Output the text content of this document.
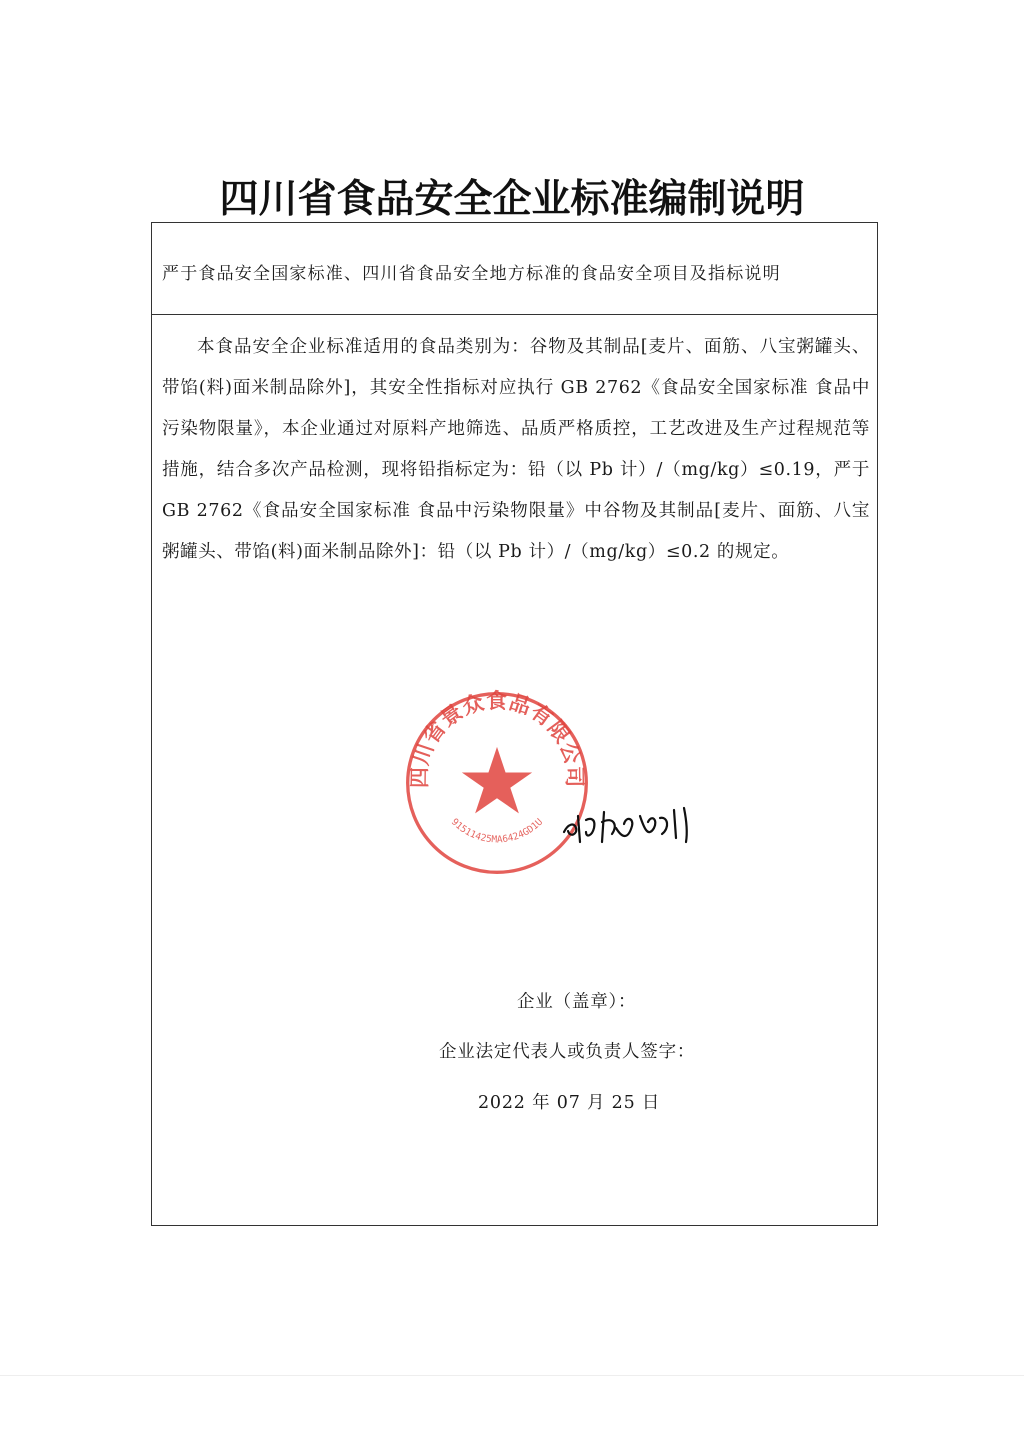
四川省食品安全企业标准编制说明
严于食品安全国家标准、四川省食品安全地方标准的食品安全项目及指标说明
本食品安全企业标准适用的食品类别为：谷物及其制品[麦片、面筋、八宝粥罐头、带馅(料)面米制品除外]，其安全性指标对应执行 GB 2762《食品安全国家标准 食品中污染物限量》，本企业通过对原料产地筛选、品质严格质控，工艺改进及生产过程规范等措施，结合多次产品检测，现将铅指标定为：铅（以 Pb 计）/（mg/kg）≤0.19，严于 GB 2762《食品安全国家标准 食品中污染物限量》中谷物及其制品[麦片、面筋、八宝粥罐头、带馅(料)面米制品除外]：铅（以 Pb 计）/（mg/kg）≤0.2 的规定。
企业（盖章）：
企业法定代表人或负责人签字：
2022 年 07 月 25 日
四川省景众食品有限公司
91511425MA6424GD1U
